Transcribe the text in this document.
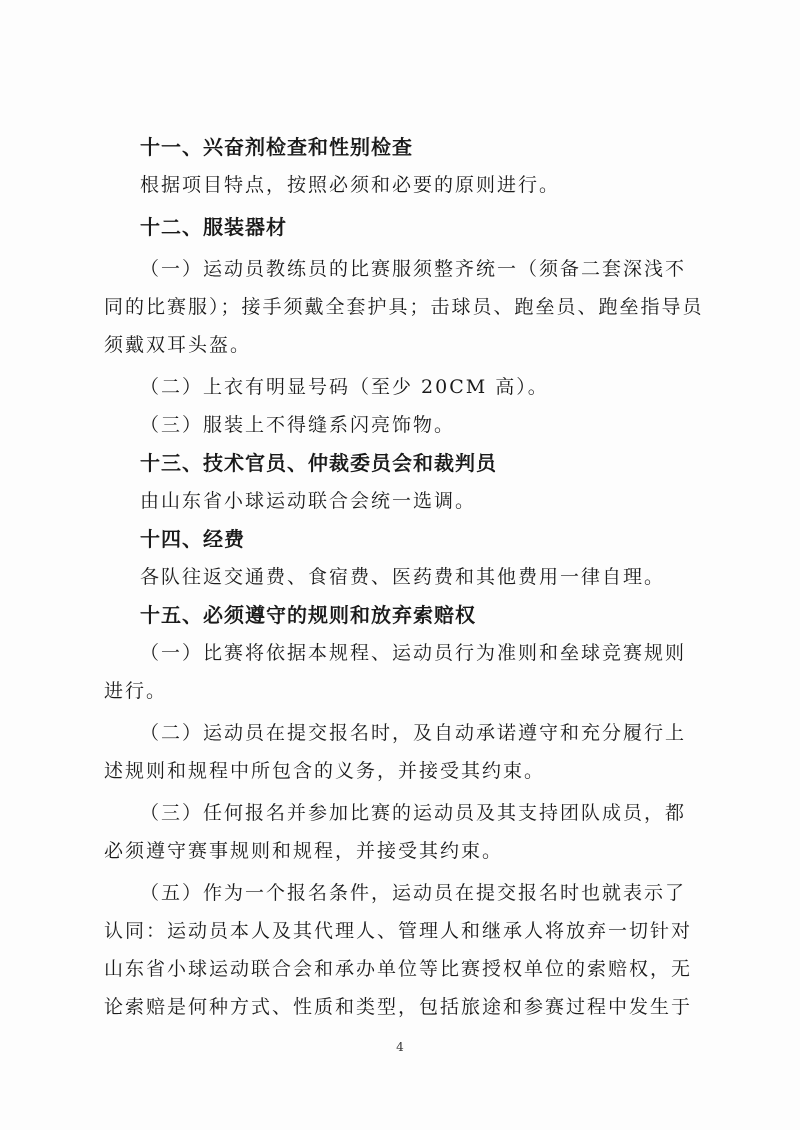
十一、兴奋剂检查和性别检查
根据项目特点，按照必须和必要的原则进行。
十二、服装器材
（一）运动员教练员的比赛服须整齐统一（须备二套深浅不
同的比赛服）；接手须戴全套护具；击球员、跑垒员、跑垒指导员
须戴双耳头盔。
（二）上衣有明显号码（至少 20CM 高）。
（三）服装上不得缝系闪亮饰物。
十三、技术官员、仲裁委员会和裁判员
由山东省小球运动联合会统一选调。
十四、经费
各队往返交通费、食宿费、医药费和其他费用一律自理。
十五、必须遵守的规则和放弃索赔权
（一）比赛将依据本规程、运动员行为准则和垒球竞赛规则
进行。
（二）运动员在提交报名时，及自动承诺遵守和充分履行上
述规则和规程中所包含的义务，并接受其约束。
（三）任何报名并参加比赛的运动员及其支持团队成员，都
必须遵守赛事规则和规程，并接受其约束。
（五）作为一个报名条件，运动员在提交报名时也就表示了
认同：运动员本人及其代理人、管理人和继承人将放弃一切针对
山东省小球运动联合会和承办单位等比赛授权单位的索赔权，无
论索赔是何种方式、性质和类型，包括旅途和参赛过程中发生于
4
